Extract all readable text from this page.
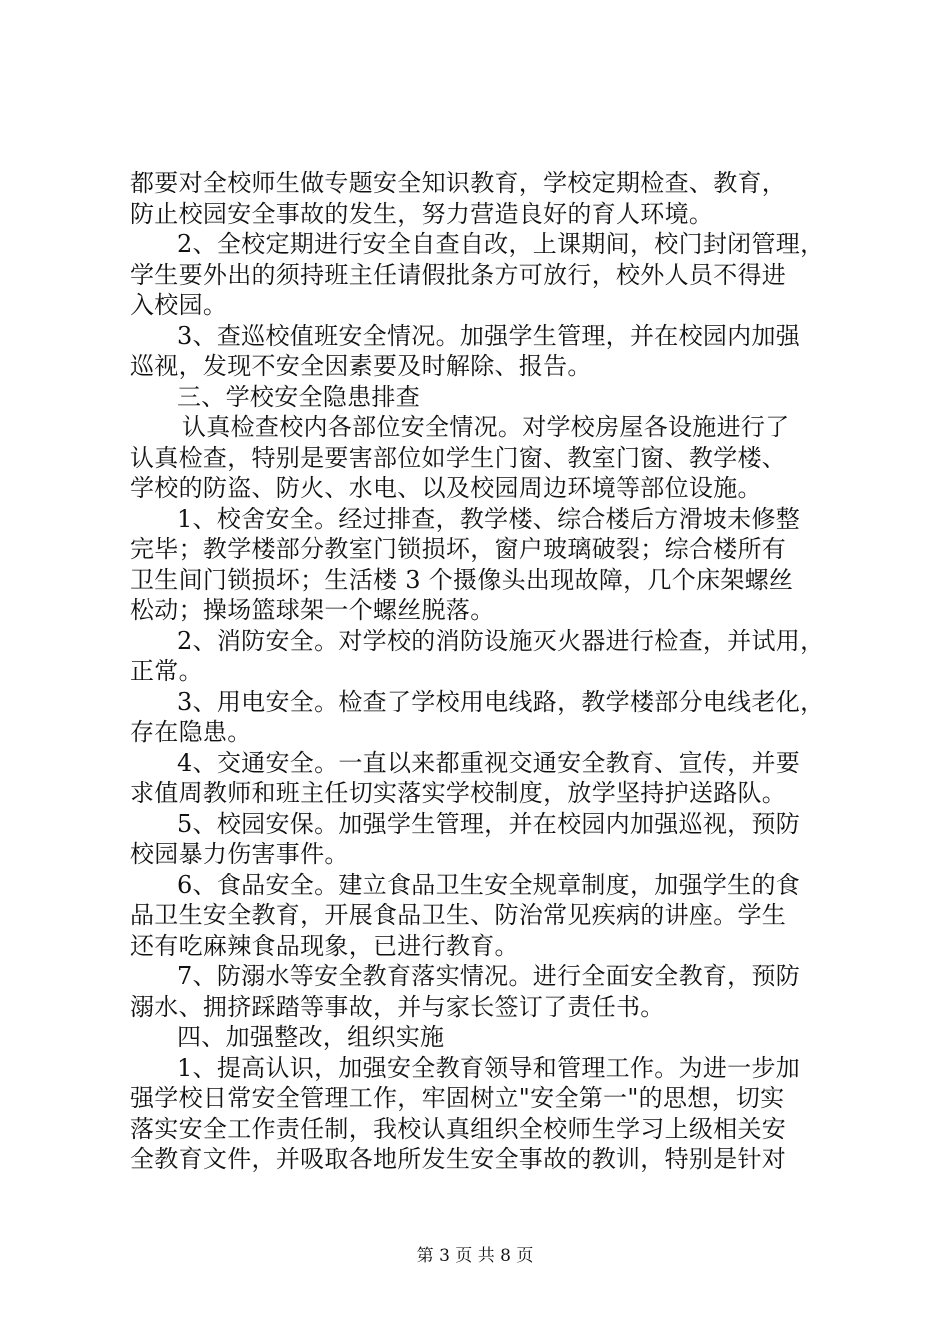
都要对全校师生做专题安全知识教育，学校定期检查、教育，
防止校园安全事故的发生，努力营造良好的育人环境。
2、全校定期进行安全自查自改，上课期间，校门封闭管理，
学生要外出的须持班主任请假批条方可放行，校外人员不得进
入校园。
3、查巡校值班安全情况。加强学生管理，并在校园内加强
巡视，发现不安全因素要及时解除、报告。
三、学校安全隐患排查
认真检查校内各部位安全情况。对学校房屋各设施进行了
认真检查，特别是要害部位如学生门窗、教室门窗、教学楼、
学校的防盗、防火、水电、以及校园周边环境等部位设施。
1、校舍安全。经过排查，教学楼、综合楼后方滑坡未修整
完毕；教学楼部分教室门锁损坏，窗户玻璃破裂；综合楼所有
卫生间门锁损坏；生活楼 3 个摄像头出现故障，几个床架螺丝
松动；操场篮球架一个螺丝脱落。
2、消防安全。对学校的消防设施灭火器进行检查，并试用，
正常。
3、用电安全。检查了学校用电线路，教学楼部分电线老化，
存在隐患。
4、交通安全。一直以来都重视交通安全教育、宣传，并要
求值周教师和班主任切实落实学校制度，放学坚持护送路队。
5、校园安保。加强学生管理，并在校园内加强巡视，预防
校园暴力伤害事件。
6、食品安全。建立食品卫生安全规章制度，加强学生的食
品卫生安全教育，开展食品卫生、防治常见疾病的讲座。学生
还有吃麻辣食品现象，已进行教育。
7、防溺水等安全教育落实情况。进行全面安全教育，预防
溺水、拥挤踩踏等事故，并与家长签订了责任书。
四、加强整改，组织实施
1、提高认识，加强安全教育领导和管理工作。为进一步加
强学校日常安全管理工作，牢固树立"安全第一"的思想，切实
落实安全工作责任制，我校认真组织全校师生学习上级相关安
全教育文件，并吸取各地所发生安全事故的教训，特别是针对
第 3 页 共 8 页
